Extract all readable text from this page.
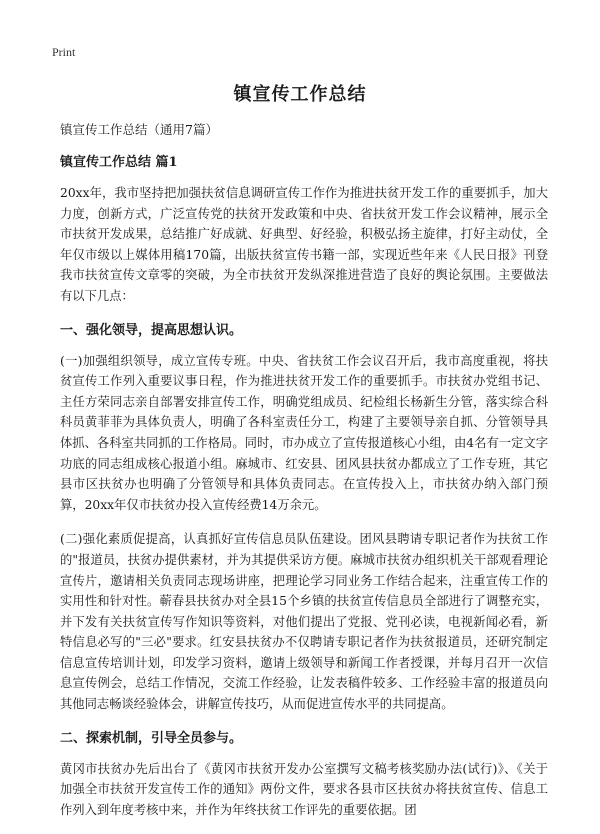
Print
镇宣传工作总结

镇宣传工作总结（通用7篇）

镇宣传工作总结 篇1

20xx年，我市坚持把加强扶贫信息调研宣传工作作为推进扶贫开发工作的重要抓手，加大力度，创新方式，广泛宣传党的扶贫开发政策和中央、省扶贫开发工作会议精神，展示全市扶贫开发成果，总结推广好成就、好典型、好经验，积极弘扬主旋律，打好主动仗，全年仅市级以上媒体用稿170篇，出版扶贫宣传书籍一部，实现近些年来《人民日报》刊登我市扶贫宣传文章零的突破，为全市扶贫开发纵深推进营造了良好的舆论氛围。主要做法有以下几点：

一、强化领导，提高思想认识。

(一)加强组织领导，成立宣传专班。中央、省扶贫工作会议召开后，我市高度重视，将扶贫宣传工作列入重要议事日程，作为推进扶贫开发工作的重要抓手。市扶贫办党组书记、主任方荣同志亲自部署安排宣传工作，明确党组成员、纪检组长杨新生分管，落实综合科科员黄菲菲为具体负责人，明确了各科室责任分工，构建了主要领导亲自抓、分管领导具体抓、各科室共同抓的工作格局。同时，市办成立了宣传报道核心小组，由4名有一定文字功底的同志组成核心报道小组。麻城市、红安县、团风县扶贫办都成立了工作专班，其它县市区扶贫办也明确了分管领导和具体负责同志。在宣传投入上，市扶贫办纳入部门预算，20xx年仅市扶贫办投入宣传经费14万余元。

(二)强化素质促提高，认真抓好宣传信息员队伍建设。团风县聘请专职记者作为扶贫工作的"报道员，扶贫办提供素材，并为其提供采访方便。麻城市扶贫办组织机关干部观看理论宣传片，邀请相关负责同志现场讲座，把理论学习同业务工作结合起来，注重宣传工作的实用性和针对性。蕲春县扶贫办对全县15个乡镇的扶贫宣传信息员全部进行了调整充实，并下发有关扶贫宣传写作知识等资料，对他们提出了党报、党刊必读，电视新闻必看，新特信息必写的"三必"要求。红安县扶贫办不仅聘请专职记者作为扶贫报道员，还研究制定信息宣传培训计划，印发学习资料，邀请上级领导和新闻工作者授课，并每月召开一次信息宣传例会，总结工作情况，交流工作经验，让发表稿件较多、工作经验丰富的报道员向其他同志畅谈经验体会，讲解宣传技巧，从而促进宣传水平的共同提高。

二、探索机制，引导全员参与。

黄冈市扶贫办先后出台了《黄冈市扶贫开发办公室撰写文稿考核奖励办法(试行)》、《关于加强全市扶贫开发宣传工作的通知》两份文件，要求各县市区扶贫办将扶贫宣传、信息工作列入到年度考核中来，并作为年终扶贫工作评先的重要依据。团
